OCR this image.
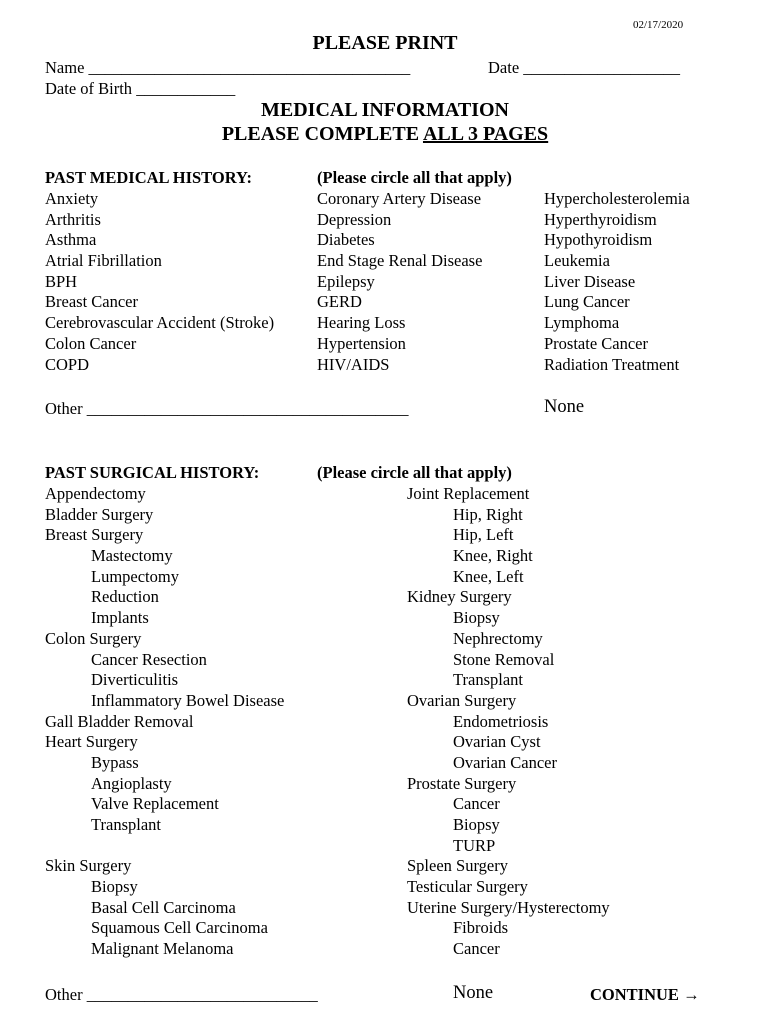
02/17/2020
PLEASE PRINT
Name _______________________________________	Date ___________________
Date of Birth ____________
MEDICAL INFORMATION
PLEASE COMPLETE ALL 3 PAGES
PAST MEDICAL HISTORY:	(Please circle all that apply)
Anxiety
Arthritis
Asthma
Atrial Fibrillation
BPH
Breast Cancer
Cerebrovascular Accident (Stroke)
Colon Cancer
COPD
Coronary Artery Disease
Depression
Diabetes
End Stage Renal Disease
Epilepsy
GERD
Hearing Loss
Hypertension
HIV/AIDS
Hypercholesterolemia
Hyperthyroidism
Hypothyroidism
Leukemia
Liver Disease
Lung Cancer
Lymphoma
Prostate Cancer
Radiation Treatment
Other _______________________________________	None
PAST SURGICAL HISTORY:	(Please circle all that apply)
Appendectomy
Bladder Surgery
Breast Surgery
Mastectomy
Lumpectomy
Reduction
Implants
Colon Surgery
Cancer Resection
Diverticulitis
Inflammatory Bowel Disease
Gall Bladder Removal
Heart Surgery
Bypass
Angioplasty
Valve Replacement
Transplant
Skin Surgery
Biopsy
Basal Cell Carcinoma
Squamous Cell Carcinoma
Malignant Melanoma
Joint Replacement
Hip, Right
Hip, Left
Knee, Right
Knee, Left
Kidney Surgery
Biopsy
Nephrectomy
Stone Removal
Transplant
Ovarian Surgery
Endometriosis
Ovarian Cyst
Ovarian Cancer
Prostate Surgery
Cancer
Biopsy
TURP
Spleen Surgery
Testicular Surgery
Uterine Surgery/Hysterectomy
Fibroids
Cancer
Other ____________________________	None	CONTINUE →
